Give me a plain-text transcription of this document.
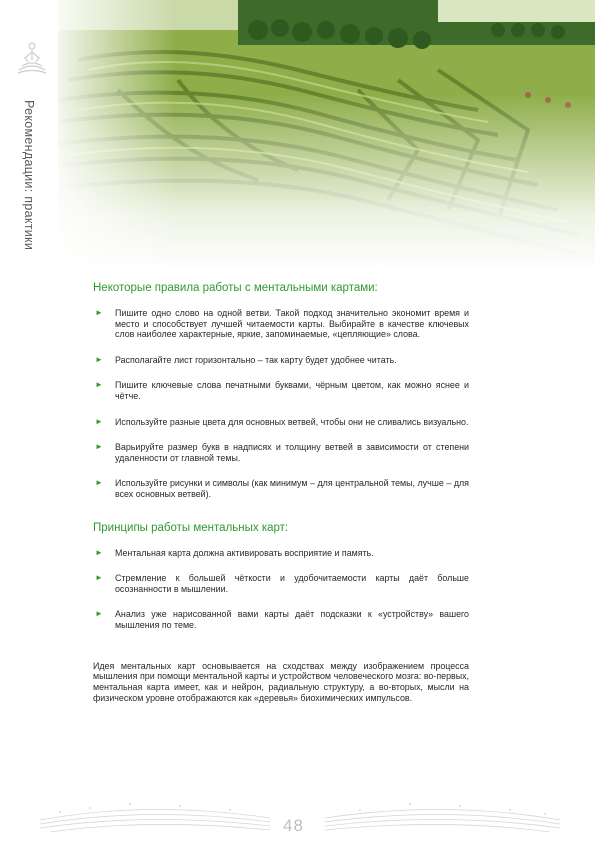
Рекомендации: практики
Некоторые правила работы с ментальными картами:
► Пишите одно слово на одной ветви. Такой подход значительно экономит время и место и способствует лучшей читаемости карты. Выбирайте в качестве ключевых слов наиболее характерные, яркие, запоминаемые, «цепляющие» слова.
► Располагайте лист горизонтально – так карту будет удобнее читать.
► Пишите ключевые слова печатными буквами, чёрным цветом, как можно яснее и чётче.
► Используйте разные цвета для основных ветвей, чтобы они не сливались визуально.
► Варьируйте размер букв в надписях и толщину ветвей в зависимости от степени удаленности от главной темы.
► Используйте рисунки и символы (как минимум – для центральной темы, лучше – для всех основных ветвей).
Принципы работы ментальных карт:
► Ментальная карта должна активировать восприятие и память.
► Стремление к большей чёткости и удобочитаемости карты даёт больше осознанности в мышлении.
► Анализ уже нарисованной вами карты даёт подсказки к «устройству» вашего мышления по теме.

Идея ментальных карт основывается на сходствах между изображением процесса мышления при помощи ментальной карты и устройством человеческого мозга: во-первых, ментальная карта имеет, как и нейрон, радиальную структуру, а во-вторых, мысли на физическом уровне отображаются как «деревья» биохимических импульсов.

48
